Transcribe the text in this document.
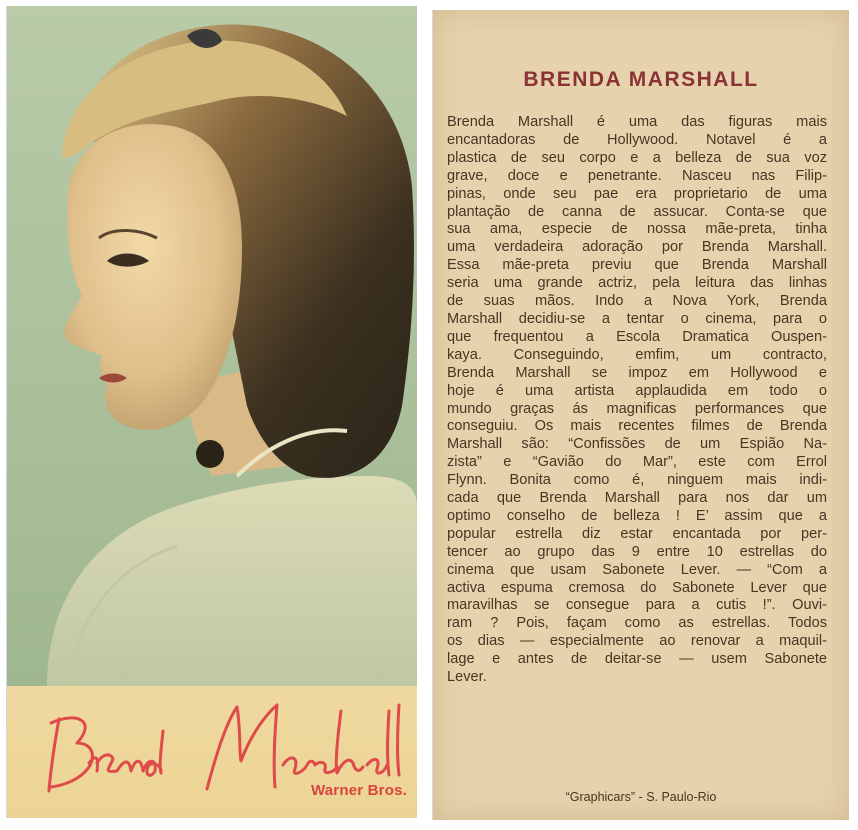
Warner Bros.
BRENDA MARSHALL
Brenda Marshall é uma das figuras mais
encantadoras de Hollywood. Notavel é a
plastica de seu corpo e a belleza de sua voz
grave, doce e penetrante. Nasceu nas Filip-
pinas, onde seu pae era proprietario de uma
plantação de canna de assucar. Conta-se que
sua ama, especie de nossa mãe-preta, tinha
uma verdadeira adoração por Brenda Marshall.
Essa mãe-preta previu que Brenda Marshall
seria uma grande actriz, pela leitura das linhas
de suas mãos. Indo a Nova York, Brenda
Marshall decidiu-se a tentar o cinema, para o
que frequentou a Escola Dramatica Ouspen-
kaya. Conseguindo, emfim, um contracto,
Brenda Marshall se impoz em Hollywood e
hoje é uma artista applaudida em todo o
mundo graças ás magnificas performances que
conseguiu. Os mais recentes filmes de Brenda
Marshall são: “Confissões de um Espião Na-
zista” e “Gavião do Mar”, este com Errol
Flynn. Bonita como é, ninguem mais indi-
cada que Brenda Marshall para nos dar um
optimo conselho de belleza ! E’ assim que a
popular estrella diz estar encantada por per-
tencer ao grupo das 9 entre 10 estrellas do
cinema que usam Sabonete Lever. — “Com a
activa espuma cremosa do Sabonete Lever que
maravilhas se consegue para a cutis !”. Ouvi-
ram ? Pois, façam como as estrellas. Todos
os dias — especialmente ao renovar a maquil-
lage e antes de deitar-se — usem Sabonete
Lever.
“Graphicars” - S. Paulo-Rio
